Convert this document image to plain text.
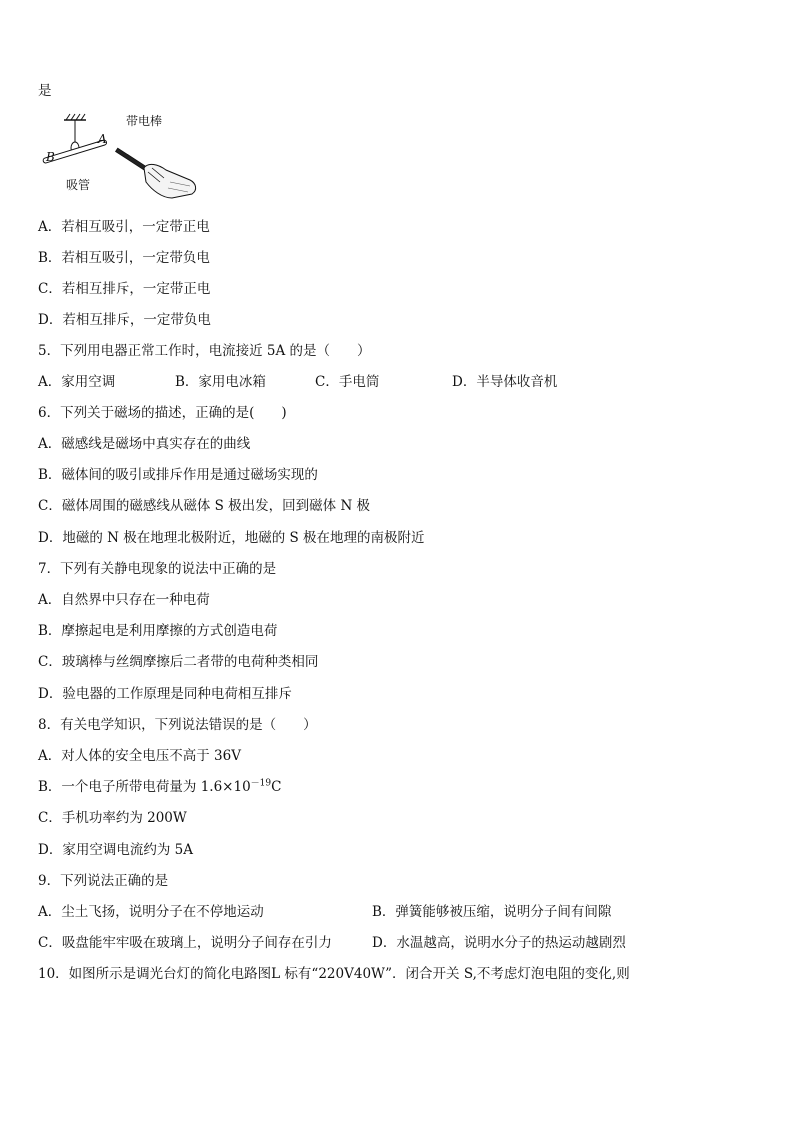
是
带电棒
A
B
吸管
A．若相互吸引，一定带正电
B．若相互吸引，一定带负电
C．若相互排斥，一定带正电
D．若相互排斥，一定带负电
5．下列用电器正常工作时，电流接近 5A 的是（　　）
A．家用空调	B．家用电冰箱	C．手电筒	D．半导体收音机
6．下列关于磁场的描述，正确的是(　　)
A．磁感线是磁场中真实存在的曲线
B．磁体间的吸引或排斥作用是通过磁场实现的
C．磁体周围的磁感线从磁体 S 极出发，回到磁体 N 极
D．地磁的 N 极在地理北极附近，地磁的 S 极在地理的南极附近
7．下列有关静电现象的说法中正确的是
A．自然界中只存在一种电荷
B．摩擦起电是利用摩擦的方式创造电荷
C．玻璃棒与丝绸摩擦后二者带的电荷种类相同
D．验电器的工作原理是同种电荷相互排斥
8．有关电学知识，下列说法错误的是（　　）
A．对人体的安全电压不高于 36V
B．一个电子所带电荷量为 $1.6\times 10^{-19}C$
C．手机功率约为 200W
D．家用空调电流约为 5A
9．下列说法正确的是
A．尘土飞扬，说明分子在不停地运动	B．弹簧能够被压缩，说明分子间有间隙
C．吸盘能牢牢吸在玻璃上，说明分子间存在引力	D．水温越高，说明水分子的热运动越剧烈
10．如图所示是调光台灯的简化电路图L 标有“220V40W”．闭合开关 S,不考虑灯泡电阻的变化,则
